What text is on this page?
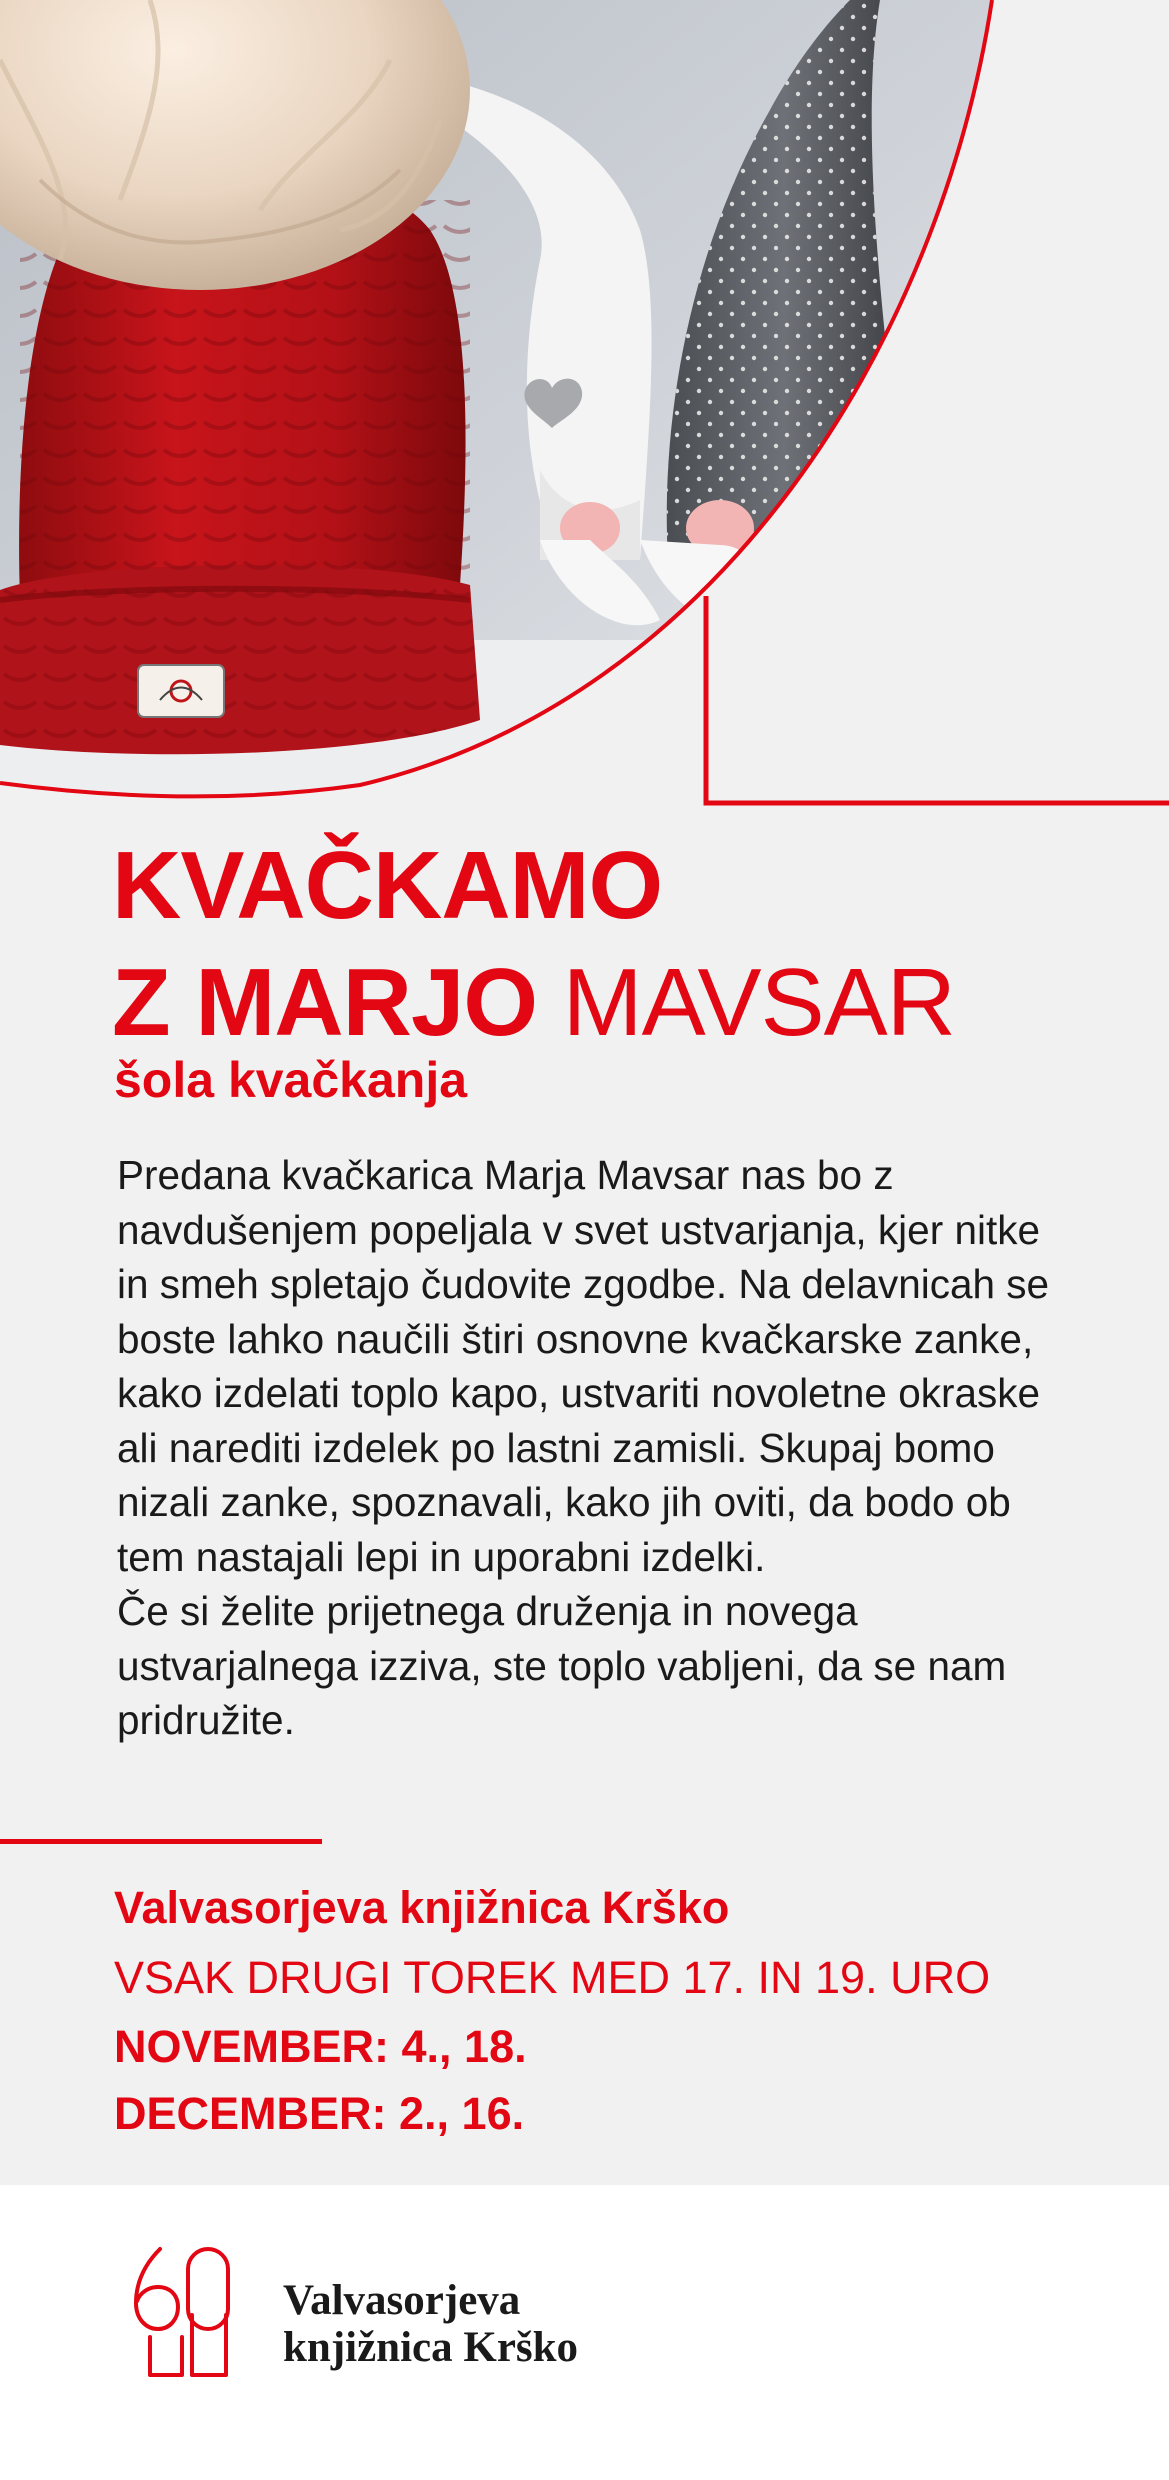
KVAČKAMO
Z MARJO MAVSAR
šola kvačkanja

Predana kvačkarica Marja Mavsar nas bo z navdušenjem popeljala v svet ustvarjanja, kjer nitke in smeh spletajo čudovite zgodbe. Na delavnicah se boste lahko naučili štiri osnovne kvačkarske zanke, kako izdelati toplo kapo, ustvariti novoletne okraske ali narediti izdelek po lastni zamisli. Skupaj bomo nizali zanke, spoznavali, kako jih oviti, da bodo ob tem nastajali lepi in uporabni izdelki.

Če si želite prijetnega druženja in novega ustvarjalnega izziva, ste toplo vabljeni, da se nam pridružite.

Valvasorjeva knjižnica Krško
VSAK DRUGI TOREK MED 17. IN 19. URO
NOVEMBER: 4., 18.
DECEMBER: 2., 16.
Valvasorjeva
knjižnica Krško
